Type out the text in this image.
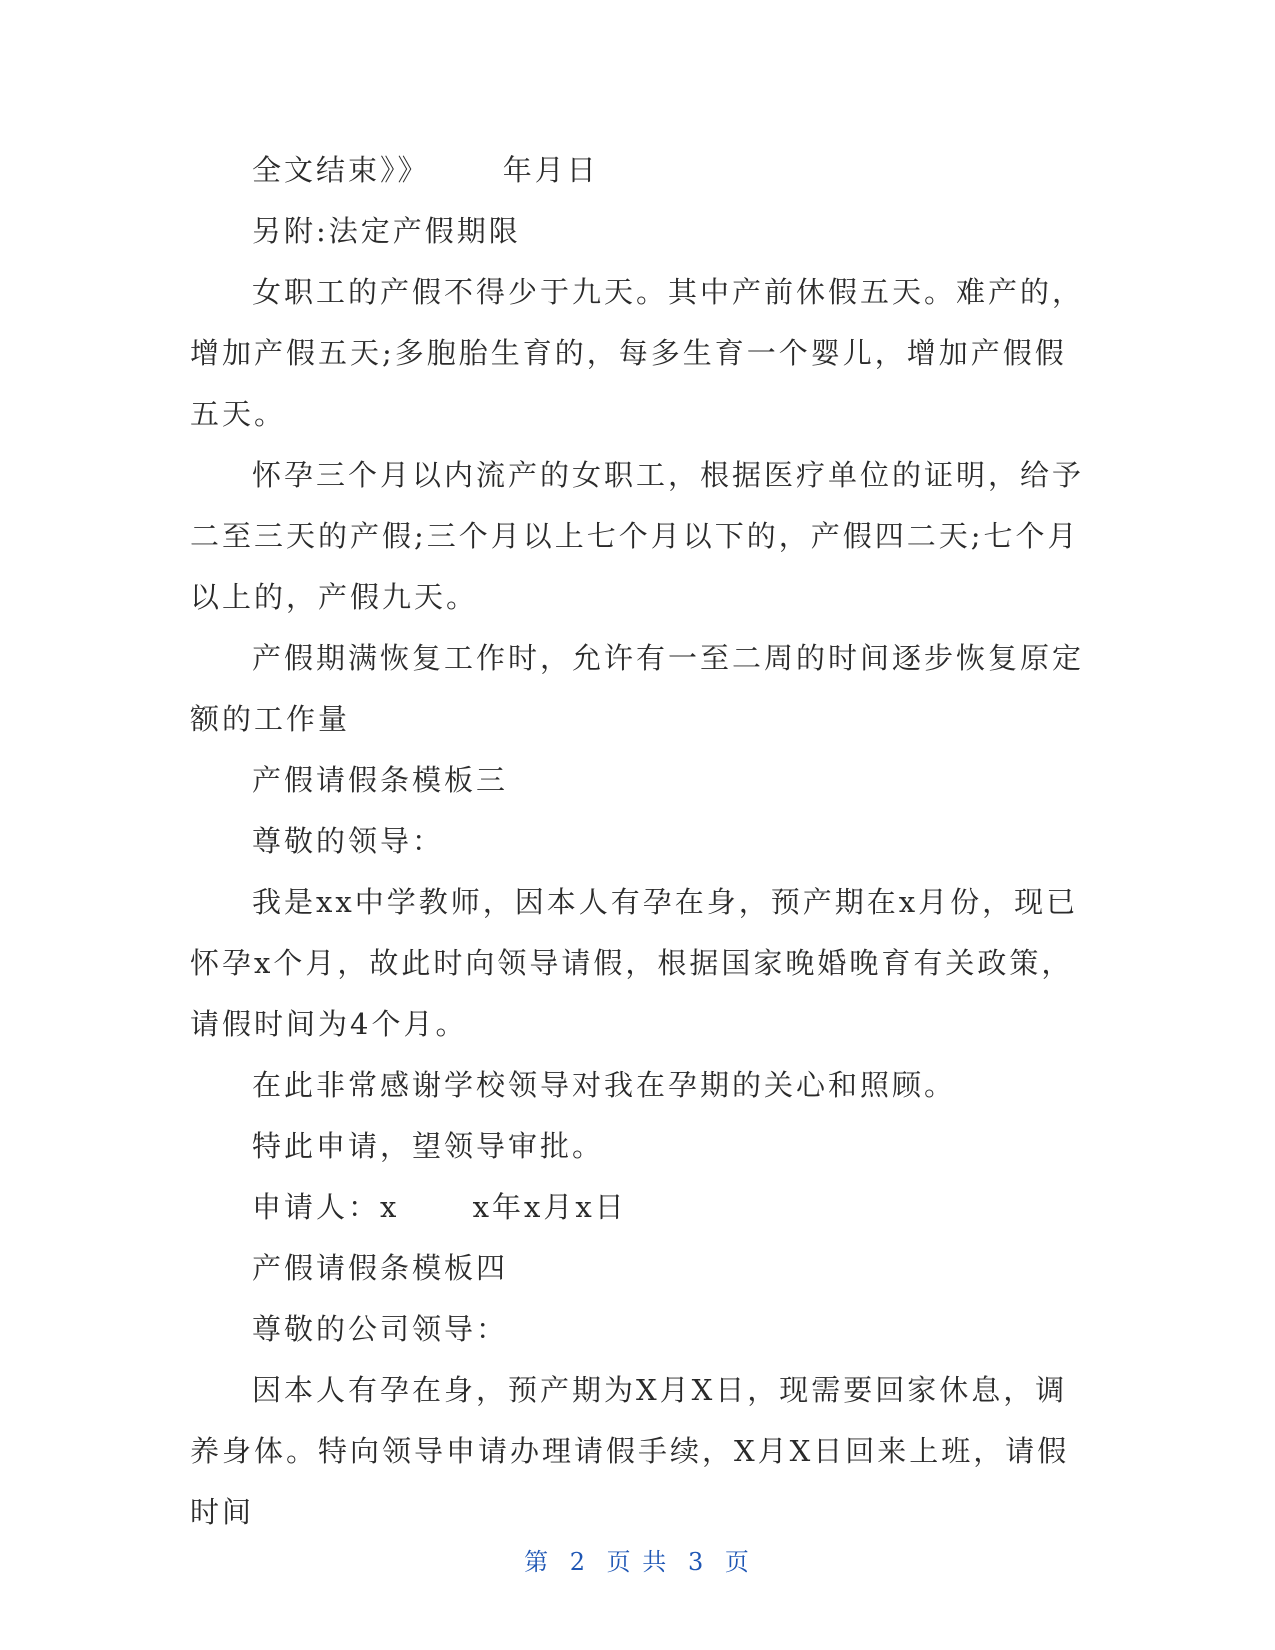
全文结束》》      年月日

另附:法定产假期限

女职工的产假不得少于九天。其中产前休假五天。难产的，增加产假五天;多胞胎生育的，每多生育一个婴儿，增加产假假五天。

怀孕三个月以内流产的女职工，根据医疗单位的证明，给予二至三天的产假;三个月以上七个月以下的，产假四二天;七个月以上的，产假九天。

产假期满恢复工作时，允许有一至二周的时间逐步恢复原定额的工作量

产假请假条模板三

尊敬的领导：

我是xx中学教师，因本人有孕在身，预产期在x月份，现已怀孕x个月，故此时向领导请假，根据国家晚婚晚育有关政策，请假时间为4个月。

在此非常感谢学校领导对我在孕期的关心和照顾。

特此申请，望领导审批。

申请人：x      x年x月x日

产假请假条模板四

尊敬的公司领导：

因本人有孕在身，预产期为X月X日，现需要回家休息，调养身体。特向领导申请办理请假手续，X月X日回来上班，请假时间

第 2 页 共 3 页
